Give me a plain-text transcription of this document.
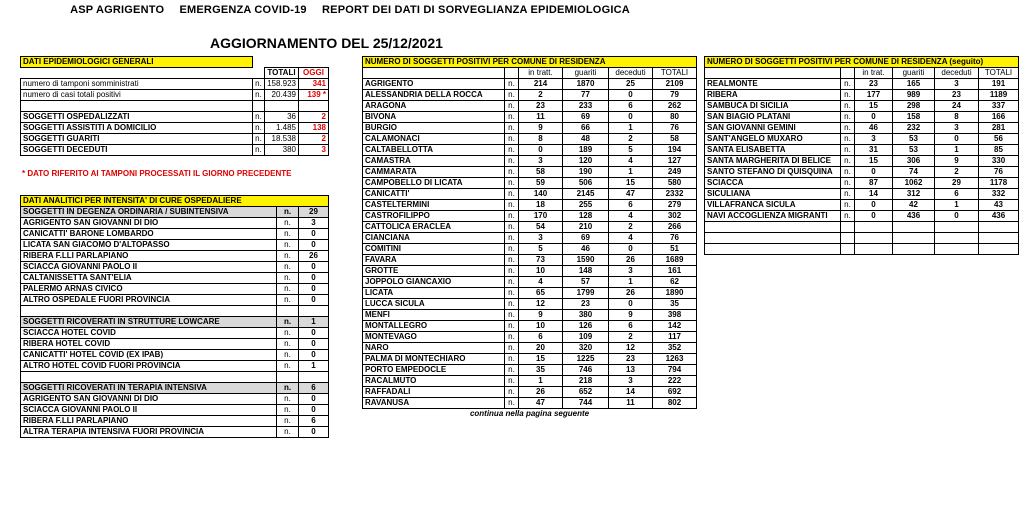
ASP AGRIGENTO EMERGENZA COVID-19 REPORT DEI DATI DI SORVEGLIANZA EPIDEMIOLOGICA
AGGIORNAMENTO DEL 25/12/2021
DATI EPIDEMIOLOGICI GENERALI			
		TOTALI	OGGI
numero di tamponi somministrati	n.	158.923	341
numero di casi totali positivi	n.	20.439	139 *

SOGGETTI OSPEDALIZZATI	n.	36	2
SOGGETTI ASSISTITI A DOMICILIO	n.	1.485	138
SOGGETTI GUARITI	n.	18.538	2
SOGGETTI DECEDUTI	n.	380	3
* DATO RIFERITO AI TAMPONI PROCESSATI IL GIORNO PRECEDENTE
DATI ANALITICI PER INTENSITA' DI CURE OSPEDALIERE		
SOGGETTI IN DEGENZA ORDINARIA / SUBINTENSIVA	n.	29
AGRIGENTO SAN GIOVANNI DI DIO	n.	3
CANICATTI' BARONE LOMBARDO	n.	0
LICATA SAN GIACOMO D'ALTOPASSO	n.	0
RIBERA F.LLI PARLAPIANO	n.	26
SCIACCA GIOVANNI PAOLO II	n.	0
CALTANISSETTA SANT'ELIA	n.	0
PALERMO ARNAS CIVICO	n.	0
ALTRO OSPEDALE FUORI PROVINCIA	n.	0

SOGGETTI RICOVERATI IN STRUTTURE LOWCARE	n.	1
SCIACCA HOTEL COVID	n.	0
RIBERA HOTEL COVID	n.	0
CANICATTI' HOTEL COVID (EX IPAB)	n.	0
ALTRO HOTEL COVID FUORI PROVINCIA	n.	1

SOGGETTI RICOVERATI IN TERAPIA INTENSIVA	n.	6
AGRIGENTO SAN GIOVANNI DI DIO	n.	0
SCIACCA GIOVANNI PAOLO II	n.	0
RIBERA F.LLI PARLAPIANO	n.	6
ALTRA TERAPIA INTENSIVA FUORI PROVINCIA	n.	0
NUMERO DI SOGGETTI POSITIVI PER COMUNE DI RESIDENZA					
		in tratt.	guariti	deceduti	TOTALI
AGRIGENTO	n.	214	1870	25	2109
ALESSANDRIA DELLA ROCCA	n.	2	77	0	79
ARAGONA	n.	23	233	6	262
BIVONA	n.	11	69	0	80
BURGIO	n.	9	66	1	76
CALAMONACI	n.	8	48	2	58
CALTABELLOTTA	n.	0	189	5	194
CAMASTRA	n.	3	120	4	127
CAMMARATA	n.	58	190	1	249
CAMPOBELLO DI LICATA	n.	59	506	15	580
CANICATTI'	n.	140	2145	47	2332
CASTELTERMINI	n.	18	255	6	279
CASTROFILIPPO	n.	170	128	4	302
CATTOLICA ERACLEA	n.	54	210	2	266
CIANCIANA	n.	3	69	4	76
COMITINI	n.	5	46	0	51
FAVARA	n.	73	1590	26	1689
GROTTE	n.	10	148	3	161
JOPPOLO GIANCAXIO	n.	4	57	1	62
LICATA	n.	65	1799	26	1890
LUCCA SICULA	n.	12	23	0	35
MENFI	n.	9	380	9	398
MONTALLEGRO	n.	10	126	6	142
MONTEVAGO	n.	6	109	2	117
NARO	n.	20	320	12	352
PALMA DI MONTECHIARO	n.	15	1225	23	1263
PORTO EMPEDOCLE	n.	35	746	13	794
RACALMUTO	n.	1	218	3	222
RAFFADALI	n.	26	652	14	692
RAVANUSA	n.	47	744	11	802
continua nella pagina seguente					
NUMERO DI SOGGETTI POSITIVI PER COMUNE DI RESIDENZA (seguito)					
		in trat.	guariti	deceduti	TOTALI
REALMONTE	n.	23	165	3	191
RIBERA	n.	177	989	23	1189
SAMBUCA DI SICILIA	n.	15	298	24	337
SAN BIAGIO PLATANI	n.	0	158	8	166
SAN GIOVANNI GEMINI	n.	46	232	3	281
SANT'ANGELO MUXARO	n.	3	53	0	56
SANTA ELISABETTA	n.	31	53	1	85
SANTA MARGHERITA DI BELICE	n.	15	306	9	330
SANTO STEFANO DI QUISQUINA	n.	0	74	2	76
SCIACCA	n.	87	1062	29	1178
SICULIANA	n.	14	312	6	332
VILLAFRANCA SICULA	n.	0	42	1	43
NAVI ACCOGLIENZA MIGRANTI	n.	0	436	0	436
